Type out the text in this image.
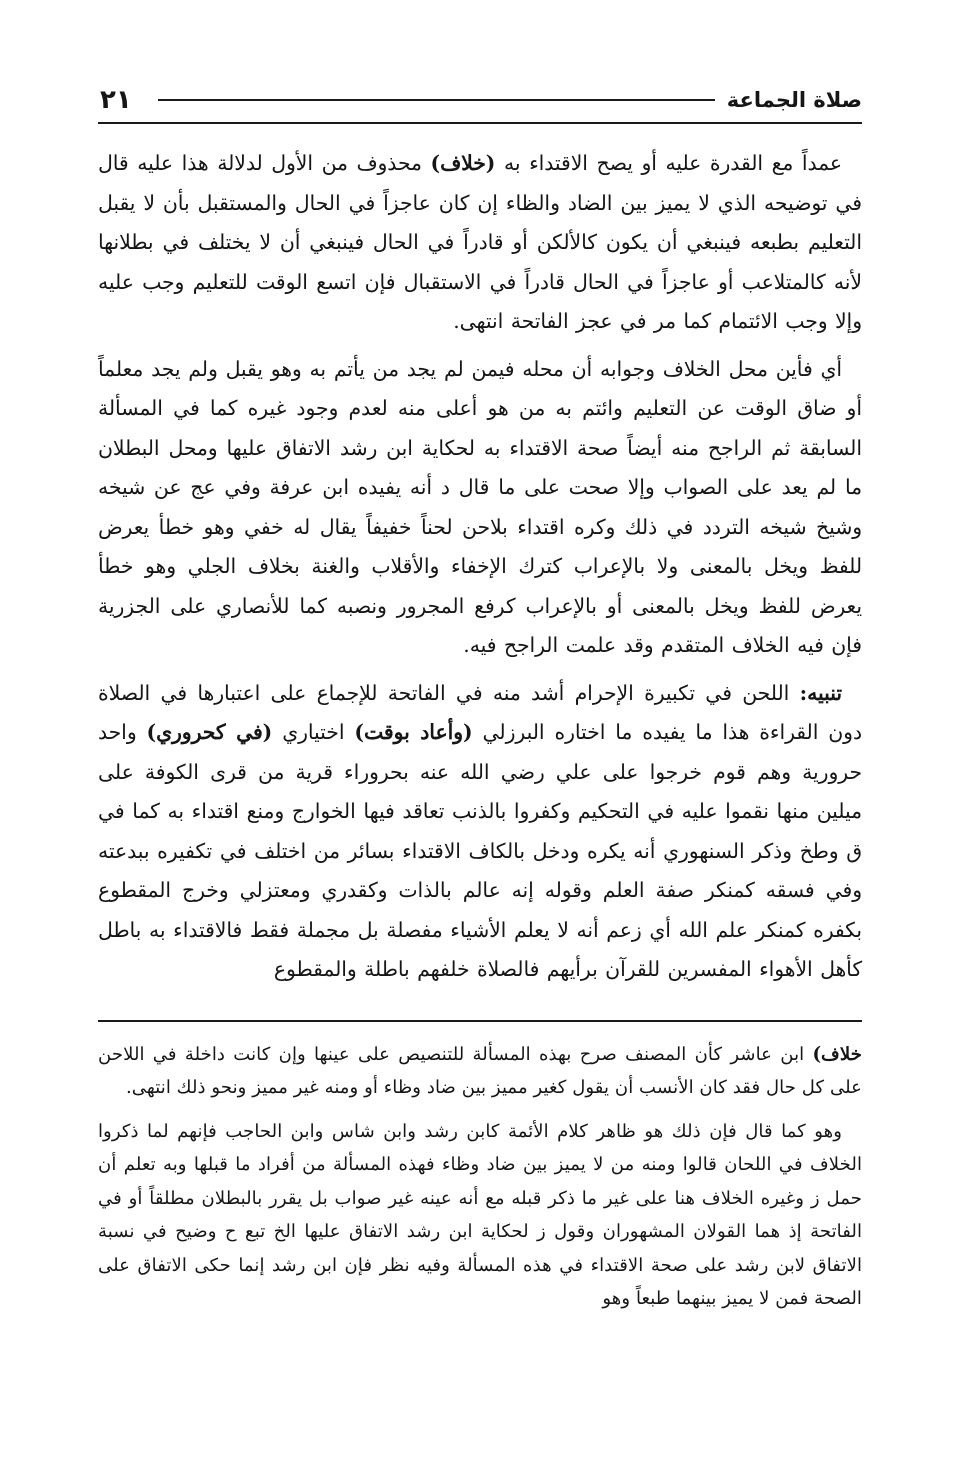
٢١	صلاة الجماعة

عمداً مع القدرة عليه أو يصح الاقتداء به (خلاف) محذوف من الأول لدلالة هذا عليه قال في توضيحه الذي لا يميز بين الضاد والظاء إن كان عاجزاً في الحال والمستقبل بأن لا يقبل التعليم بطبعه فينبغي أن يكون كالألكن أو قادراً في الحال فينبغي أن لا يختلف في بطلانها لأنه كالمتلاعب أو عاجزاً في الحال قادراً في الاستقبال فإن اتسع الوقت للتعليم وجب عليه وإلا وجب الائتمام كما مر في عجز الفاتحة انتهى.

أي فأين محل الخلاف وجوابه أن محله فيمن لم يجد من يأتم به وهو يقبل ولم يجد معلماً أو ضاق الوقت عن التعليم وائتم به من هو أعلى منه لعدم وجود غيره كما في المسألة السابقة ثم الراجح منه أيضاً صحة الاقتداء به لحكاية ابن رشد الاتفاق عليها ومحل البطلان ما لم يعد على الصواب وإلا صحت على ما قال د أنه يفيده ابن عرفة وفي عج عن شيخه وشيخ شيخه التردد في ذلك وكره اقتداء بلاحن لحناً خفيفاً يقال له خفي وهو خطأ يعرض للفظ ويخل بالمعنى ولا بالإعراب كترك الإخفاء والأقلاب والغنة بخلاف الجلي وهو خطأ يعرض للفظ ويخل بالمعنى أو بالإعراب كرفع المجرور ونصبه كما للأنصاري على الجزرية فإن فيه الخلاف المتقدم وقد علمت الراجح فيه.

تنبيه: اللحن في تكبيرة الإحرام أشد منه في الفاتحة للإجماع على اعتبارها في الصلاة دون القراءة هذا ما يفيده ما اختاره البرزلي (وأعاد بوقت) اختياري (في كحروري) واحد حرورية وهم قوم خرجوا على علي رضي الله عنه بحروراء قرية من قرى الكوفة على ميلين منها نقموا عليه في التحكيم وكفروا بالذنب تعاقد فيها الخوارج ومنع اقتداء به كما في ق وطخ وذكر السنهوري أنه يكره ودخل بالكاف الاقتداء بسائر من اختلف في تكفيره ببدعته وفي فسقه كمنكر صفة العلم وقوله إنه عالم بالذات وكقدري ومعتزلي وخرج المقطوع بكفره كمنكر علم الله أي زعم أنه لا يعلم الأشياء مفصلة بل مجملة فقط فالاقتداء به باطل كأهل الأهواء المفسرين للقرآن برأيهم فالصلاة خلفهم باطلة والمقطوع

خلاف) ابن عاشر كأن المصنف صرح بهذه المسألة للتنصيص على عينها وإن كانت داخلة في اللاحن على كل حال فقد كان الأنسب أن يقول كغير مميز بين ضاد وظاء أو ومنه غير مميز ونحو ذلك انتهى.

وهو كما قال فإن ذلك هو ظاهر كلام الأئمة كابن رشد وابن شاس وابن الحاجب فإنهم لما ذكروا الخلاف في اللحان قالوا ومنه من لا يميز بين ضاد وظاء فهذه المسألة من أفراد ما قبلها وبه تعلم أن حمل ز وغيره الخلاف هنا على غير ما ذكر قبله مع أنه عينه غير صواب بل يقرر بالبطلان مطلقاً أو في الفاتحة إذ هما القولان المشهوران وقول ز لحكاية ابن رشد الاتفاق عليها الخ تبع ح وضيح في نسبة الاتفاق لابن رشد على صحة الاقتداء في هذه المسألة وفيه نظر فإن ابن رشد إنما حكى الاتفاق على الصحة فمن لا يميز بينهما طبعاً وهو
